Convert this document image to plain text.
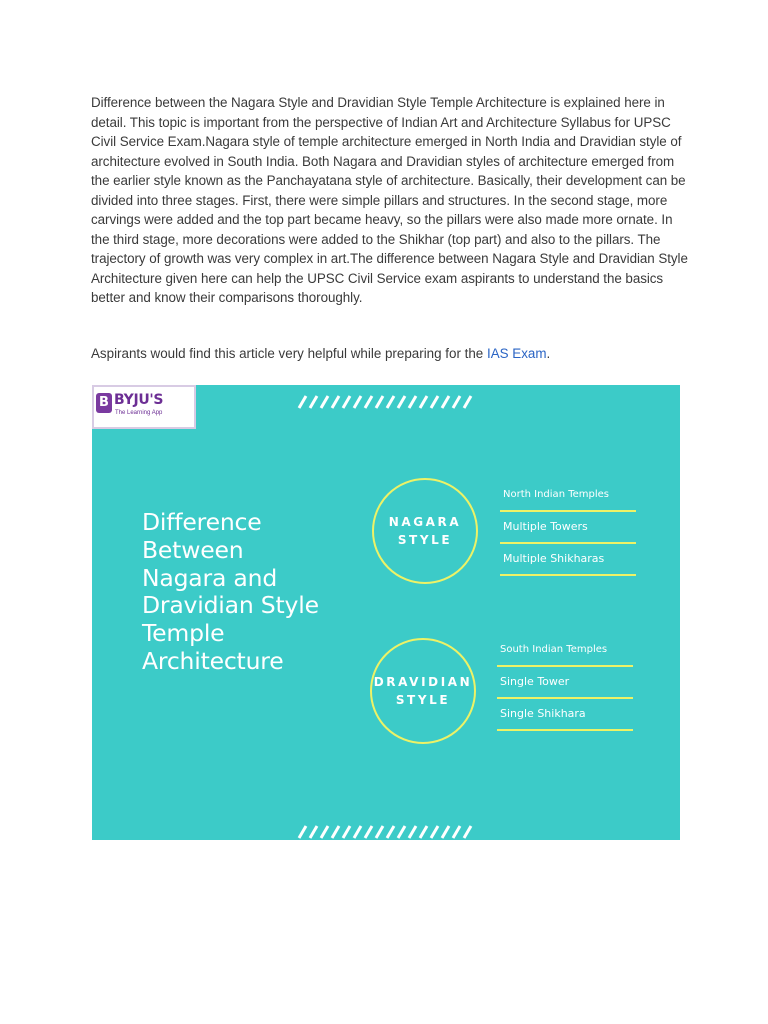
Difference between the Nagara Style and Dravidian Style Temple Architecture is explained here in detail. This topic is important from the perspective of Indian Art and Architecture Syllabus for UPSC Civil Service Exam.Nagara style of temple architecture emerged in North India and Dravidian style of architecture evolved in South India. Both Nagara and Dravidian styles of architecture emerged from the earlier style known as the Panchayatana style of architecture. Basically, their development can be divided into three stages. First, there were simple pillars and structures. In the second stage, more carvings were added and the top part became heavy, so the pillars were also made more ornate. In the third stage, more decorations were added to the Shikhar (top part) and also to the pillars. The trajectory of growth was very complex in art.The difference between Nagara Style and Dravidian Style Architecture given here can help the UPSC Civil Service exam aspirants to understand the basics better and know their comparisons thoroughly.

Aspirants would find this article very helpful while preparing for the IAS Exam.

B BYJU'S
The Learning App
Difference
Between
Nagara and
Dravidian Style
Temple
Architecture
NAGARA
STYLE
North Indian Temples
Multiple Towers
Multiple Shikharas
DRAVIDIAN
STYLE
South Indian Temples
Single Tower
Single Shikhara
